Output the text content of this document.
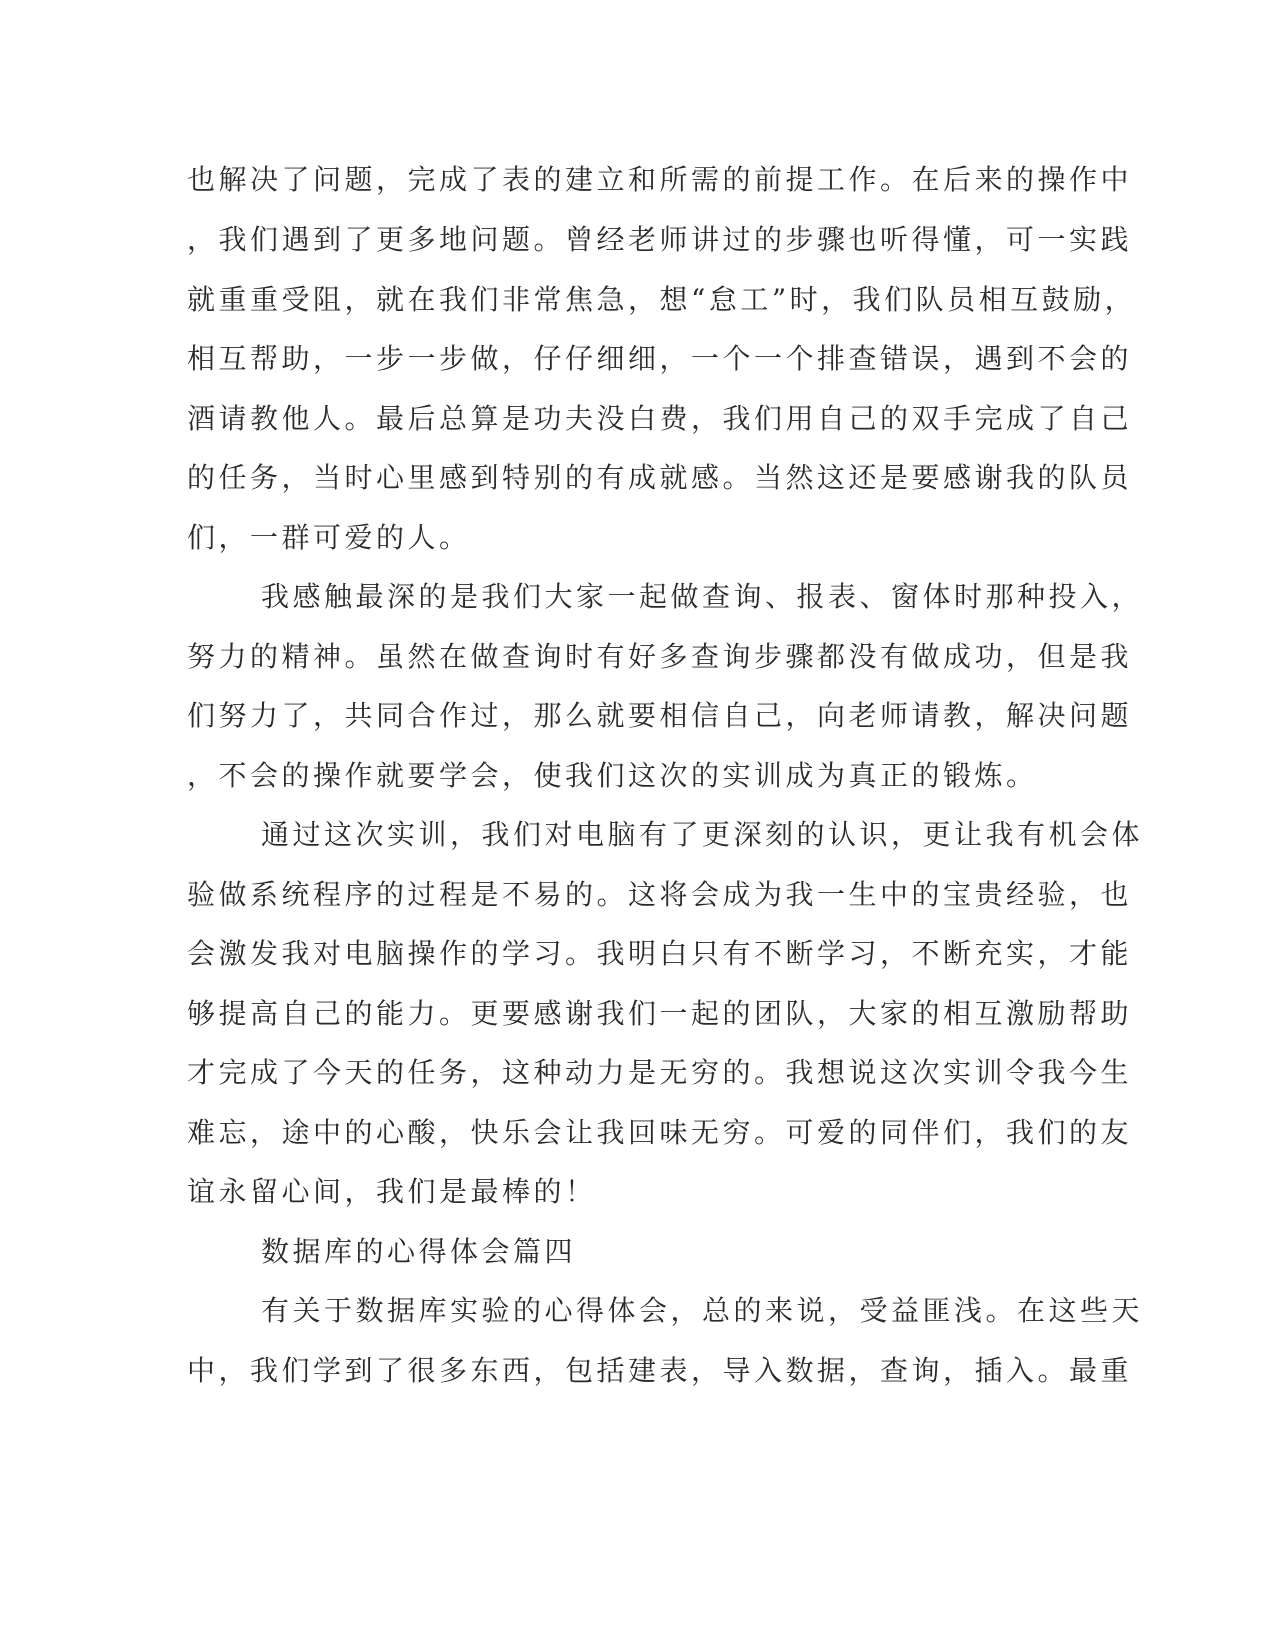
也解决了问题，完成了表的建立和所需的前提工作。在后来的操作中
，我们遇到了更多地问题。曾经老师讲过的步骤也听得懂，可一实践
就重重受阻，就在我们非常焦急，想“怠工”时，我们队员相互鼓励，
相互帮助，一步一步做，仔仔细细，一个一个排查错误，遇到不会的
酒请教他人。最后总算是功夫没白费，我们用自己的双手完成了自己
的任务，当时心里感到特别的有成就感。当然这还是要感谢我的队员
们，一群可爱的人。
我感触最深的是我们大家一起做查询、报表、窗体时那种投入，
努力的精神。虽然在做查询时有好多查询步骤都没有做成功，但是我
们努力了，共同合作过，那么就要相信自己，向老师请教，解决问题
，不会的操作就要学会，使我们这次的实训成为真正的锻炼。
通过这次实训，我们对电脑有了更深刻的认识，更让我有机会体
验做系统程序的过程是不易的。这将会成为我一生中的宝贵经验，也
会激发我对电脑操作的学习。我明白只有不断学习，不断充实，才能
够提高自己的能力。更要感谢我们一起的团队，大家的相互激励帮助
才完成了今天的任务，这种动力是无穷的。我想说这次实训令我今生
难忘，途中的心酸，快乐会让我回味无穷。可爱的同伴们，我们的友
谊永留心间，我们是最棒的！
数据库的心得体会篇四
有关于数据库实验的心得体会，总的来说，受益匪浅。在这些天
中，我们学到了很多东西，包括建表，导入数据，查询，插入。最重
